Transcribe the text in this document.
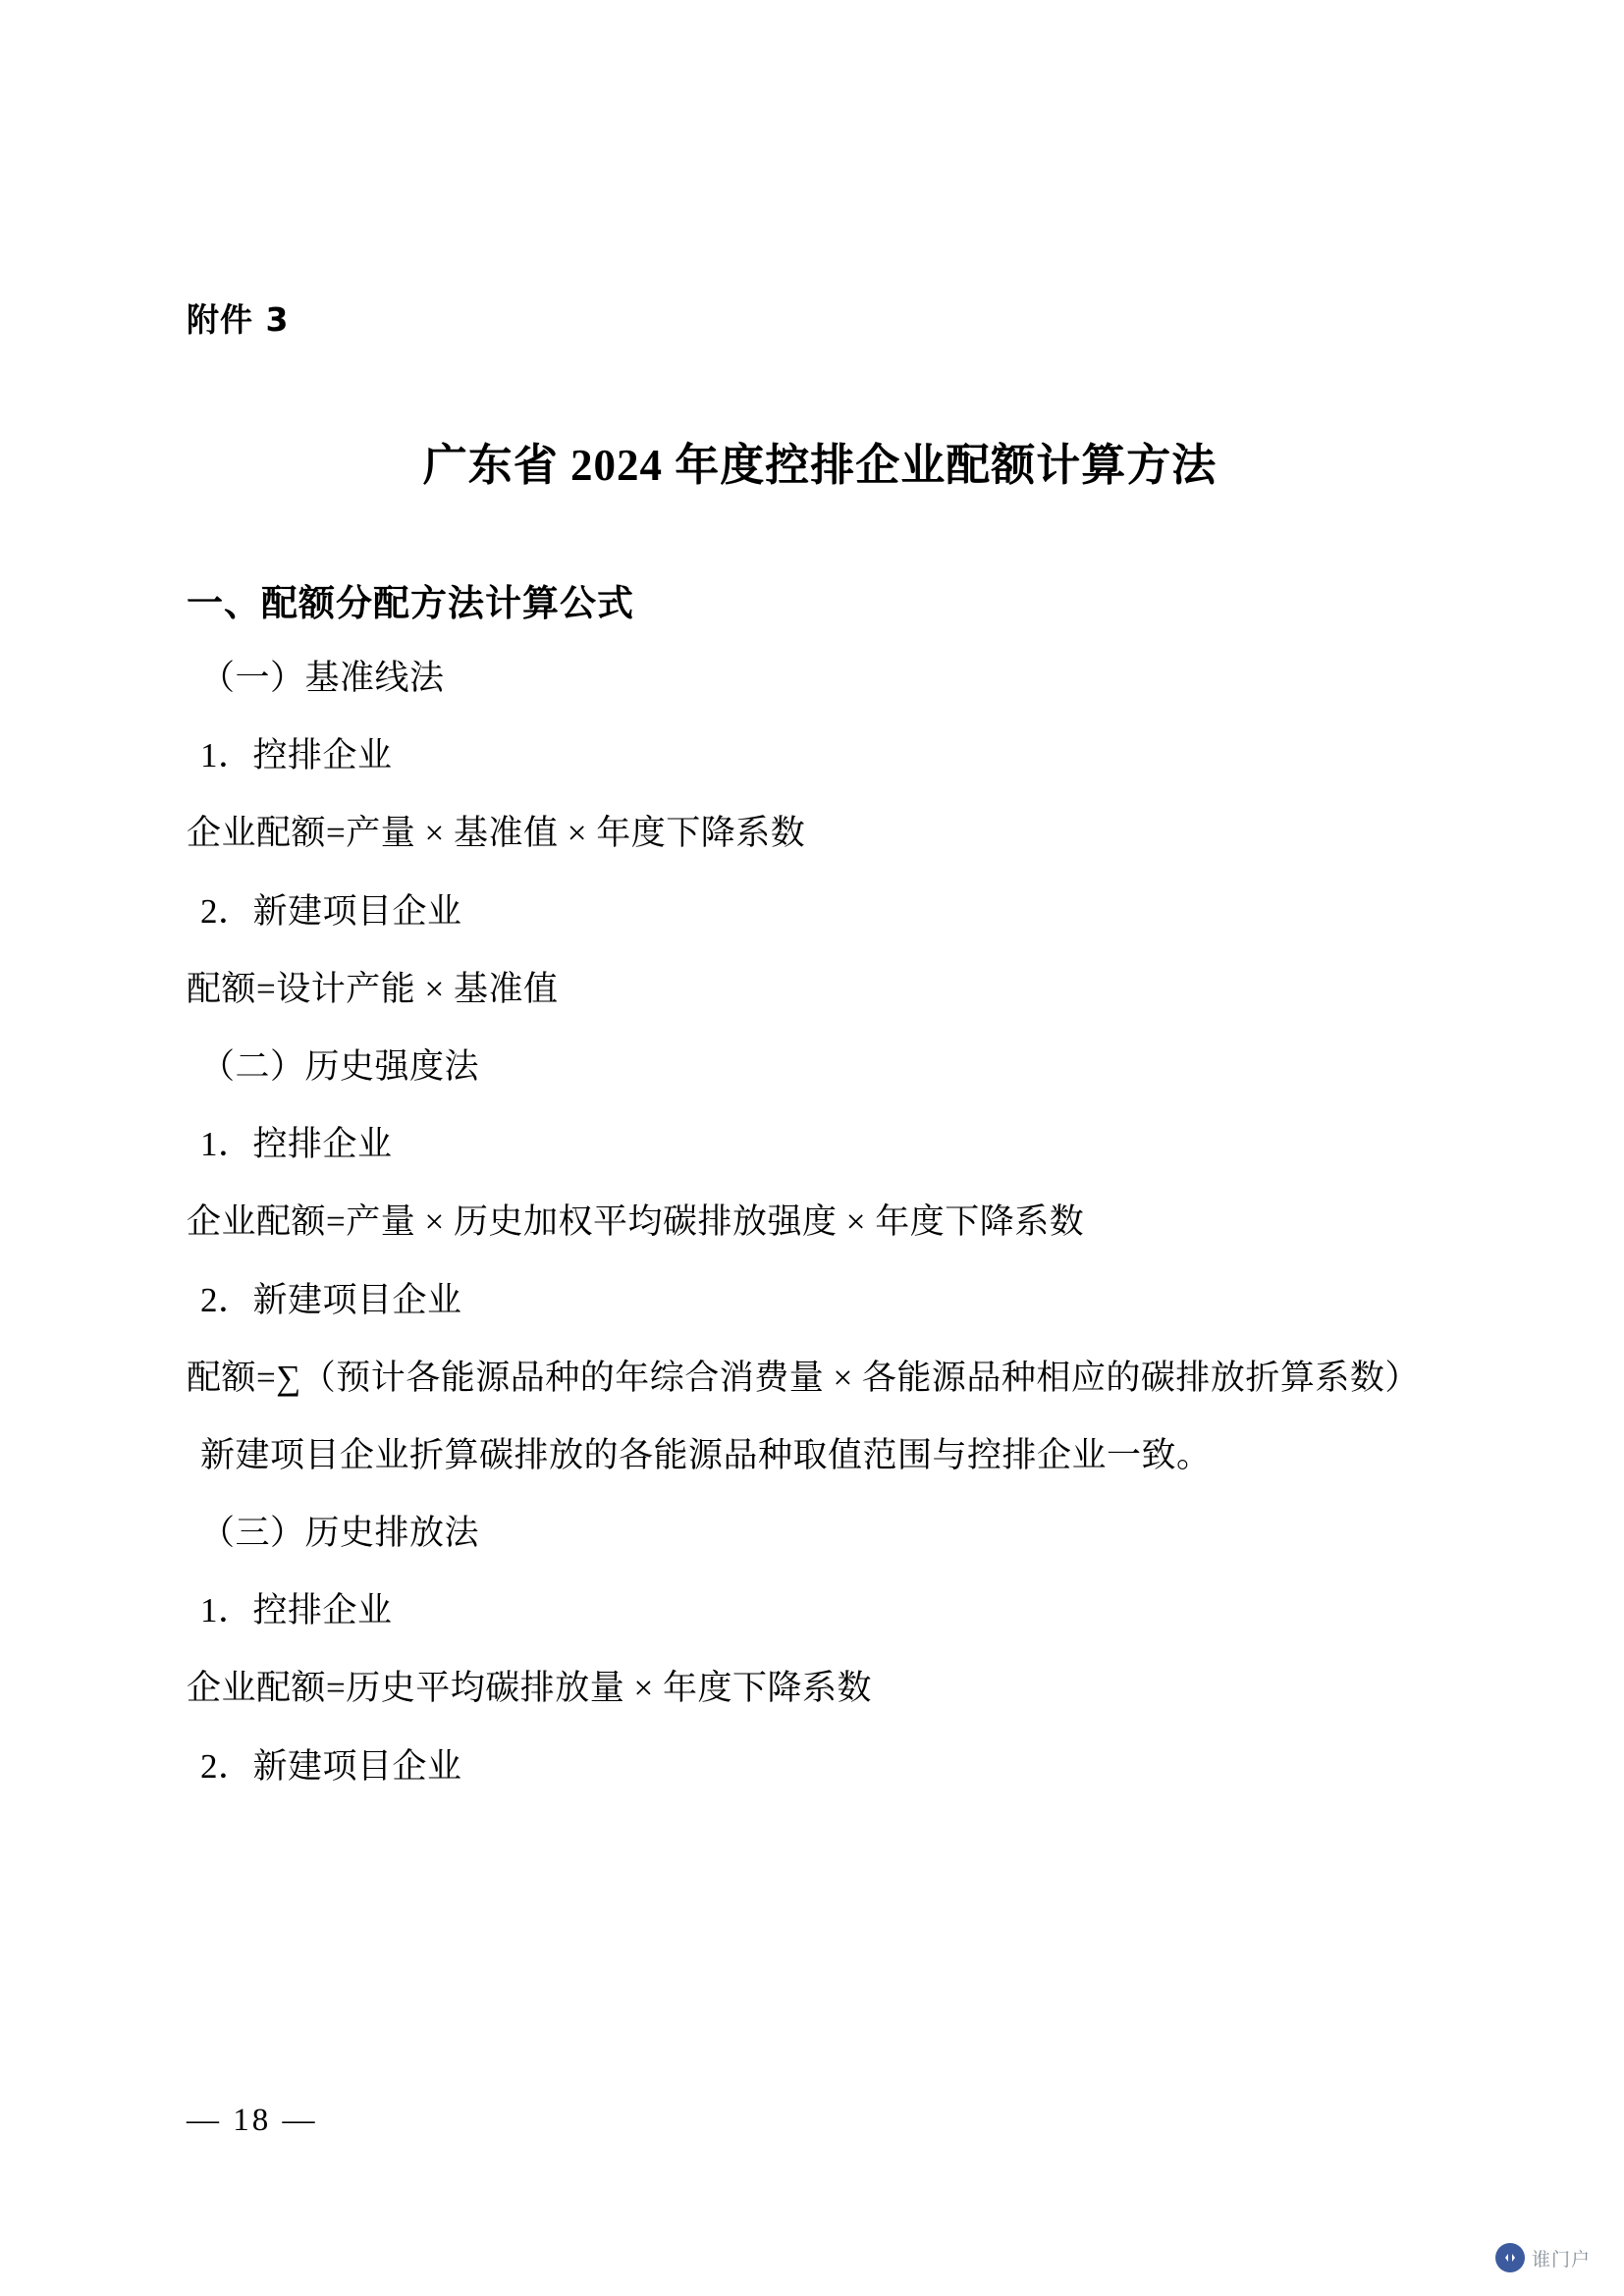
附件 3
广东省 2024 年度控排企业配额计算方法
一、配额分配方法计算公式
（一）基准线法
1．控排企业
企业配额=产量 × 基准值 × 年度下降系数
2．新建项目企业
配额=设计产能 × 基准值
（二）历史强度法
1．控排企业
企业配额=产量 × 历史加权平均碳排放强度 × 年度下降系数
2．新建项目企业
配额=∑（预计各能源品种的年综合消费量 × 各能源品种相应的碳排放折算系数）
新建项目企业折算碳排放的各能源品种取值范围与控排企业一致。
（三）历史排放法
1．控排企业
企业配额=历史平均碳排放量 × 年度下降系数
2．新建项目企业
— 18 —
谁门户
